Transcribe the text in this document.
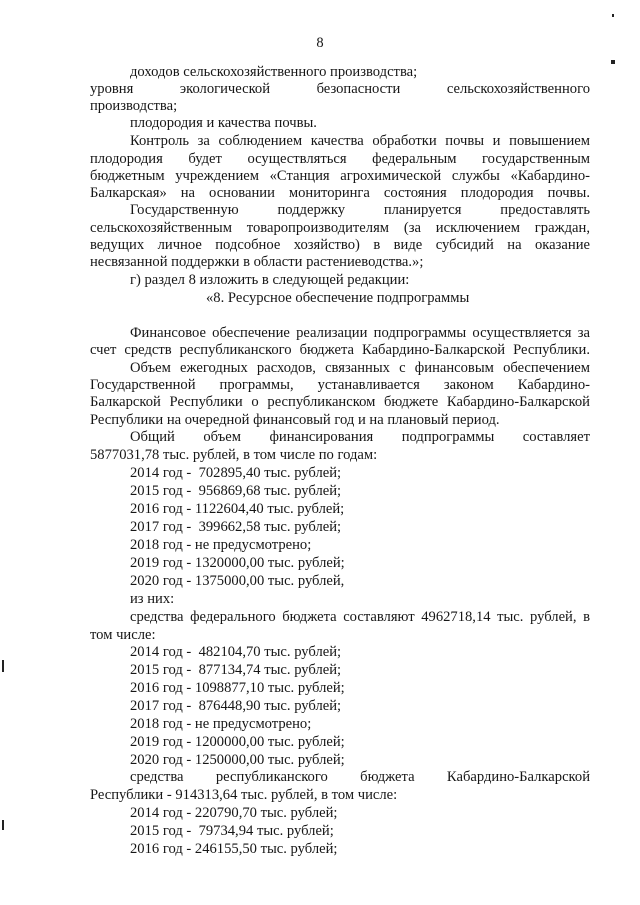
8
доходов сельскохозяйственного производства;
уровня экологической безопасности сельскохозяйственного
производства;
плодородия и качества почвы.
Контроль за соблюдением качества обработки почвы и повышением
плодородия будет осуществляться федеральным государственным
бюджетным учреждением «Станция агрохимической службы «Кабардино-
Балкарская» на основании мониторинга состояния плодородия почвы.
Государственную поддержку планируется предоставлять
сельскохозяйственным товаропроизводителям (за исключением граждан,
ведущих личное подсобное хозяйство) в виде субсидий на оказание
несвязанной поддержки в области растениеводства.»;
г) раздел 8 изложить в следующей редакции:
«8. Ресурсное обеспечение подпрограммы
Финансовое обеспечение реализации подпрограммы осуществляется за
счет средств республиканского бюджета Кабардино-Балкарской Республики.
Объем ежегодных расходов, связанных с финансовым обеспечением
Государственной программы, устанавливается законом Кабардино-
Балкарской Республики о республиканском бюджете Кабардино-Балкарской
Республики на очередной финансовый год и на плановый период.
Общий объем финансирования подпрограммы составляет
5877031,78 тыс. рублей, в том числе по годам:
2014 год -  702895,40 тыс. рублей;
2015 год -  956869,68 тыс. рублей;
2016 год - 1122604,40 тыс. рублей;
2017 год -  399662,58 тыс. рублей;
2018 год - не предусмотрено;
2019 год - 1320000,00 тыс. рублей;
2020 год - 1375000,00 тыс. рублей,
из них:
средства федерального бюджета составляют 4962718,14 тыс. рублей, в
том числе:
2014 год -  482104,70 тыс. рублей;
2015 год -  877134,74 тыс. рублей;
2016 год - 1098877,10 тыс. рублей;
2017 год -  876448,90 тыс. рублей;
2018 год - не предусмотрено;
2019 год - 1200000,00 тыс. рублей;
2020 год - 1250000,00 тыс. рублей;
средства республиканского бюджета Кабардино-Балкарской
Республики - 914313,64 тыс. рублей, в том числе:
2014 год - 220790,70 тыс. рублей;
2015 год -  79734,94 тыс. рублей;
2016 год - 246155,50 тыс. рублей;
